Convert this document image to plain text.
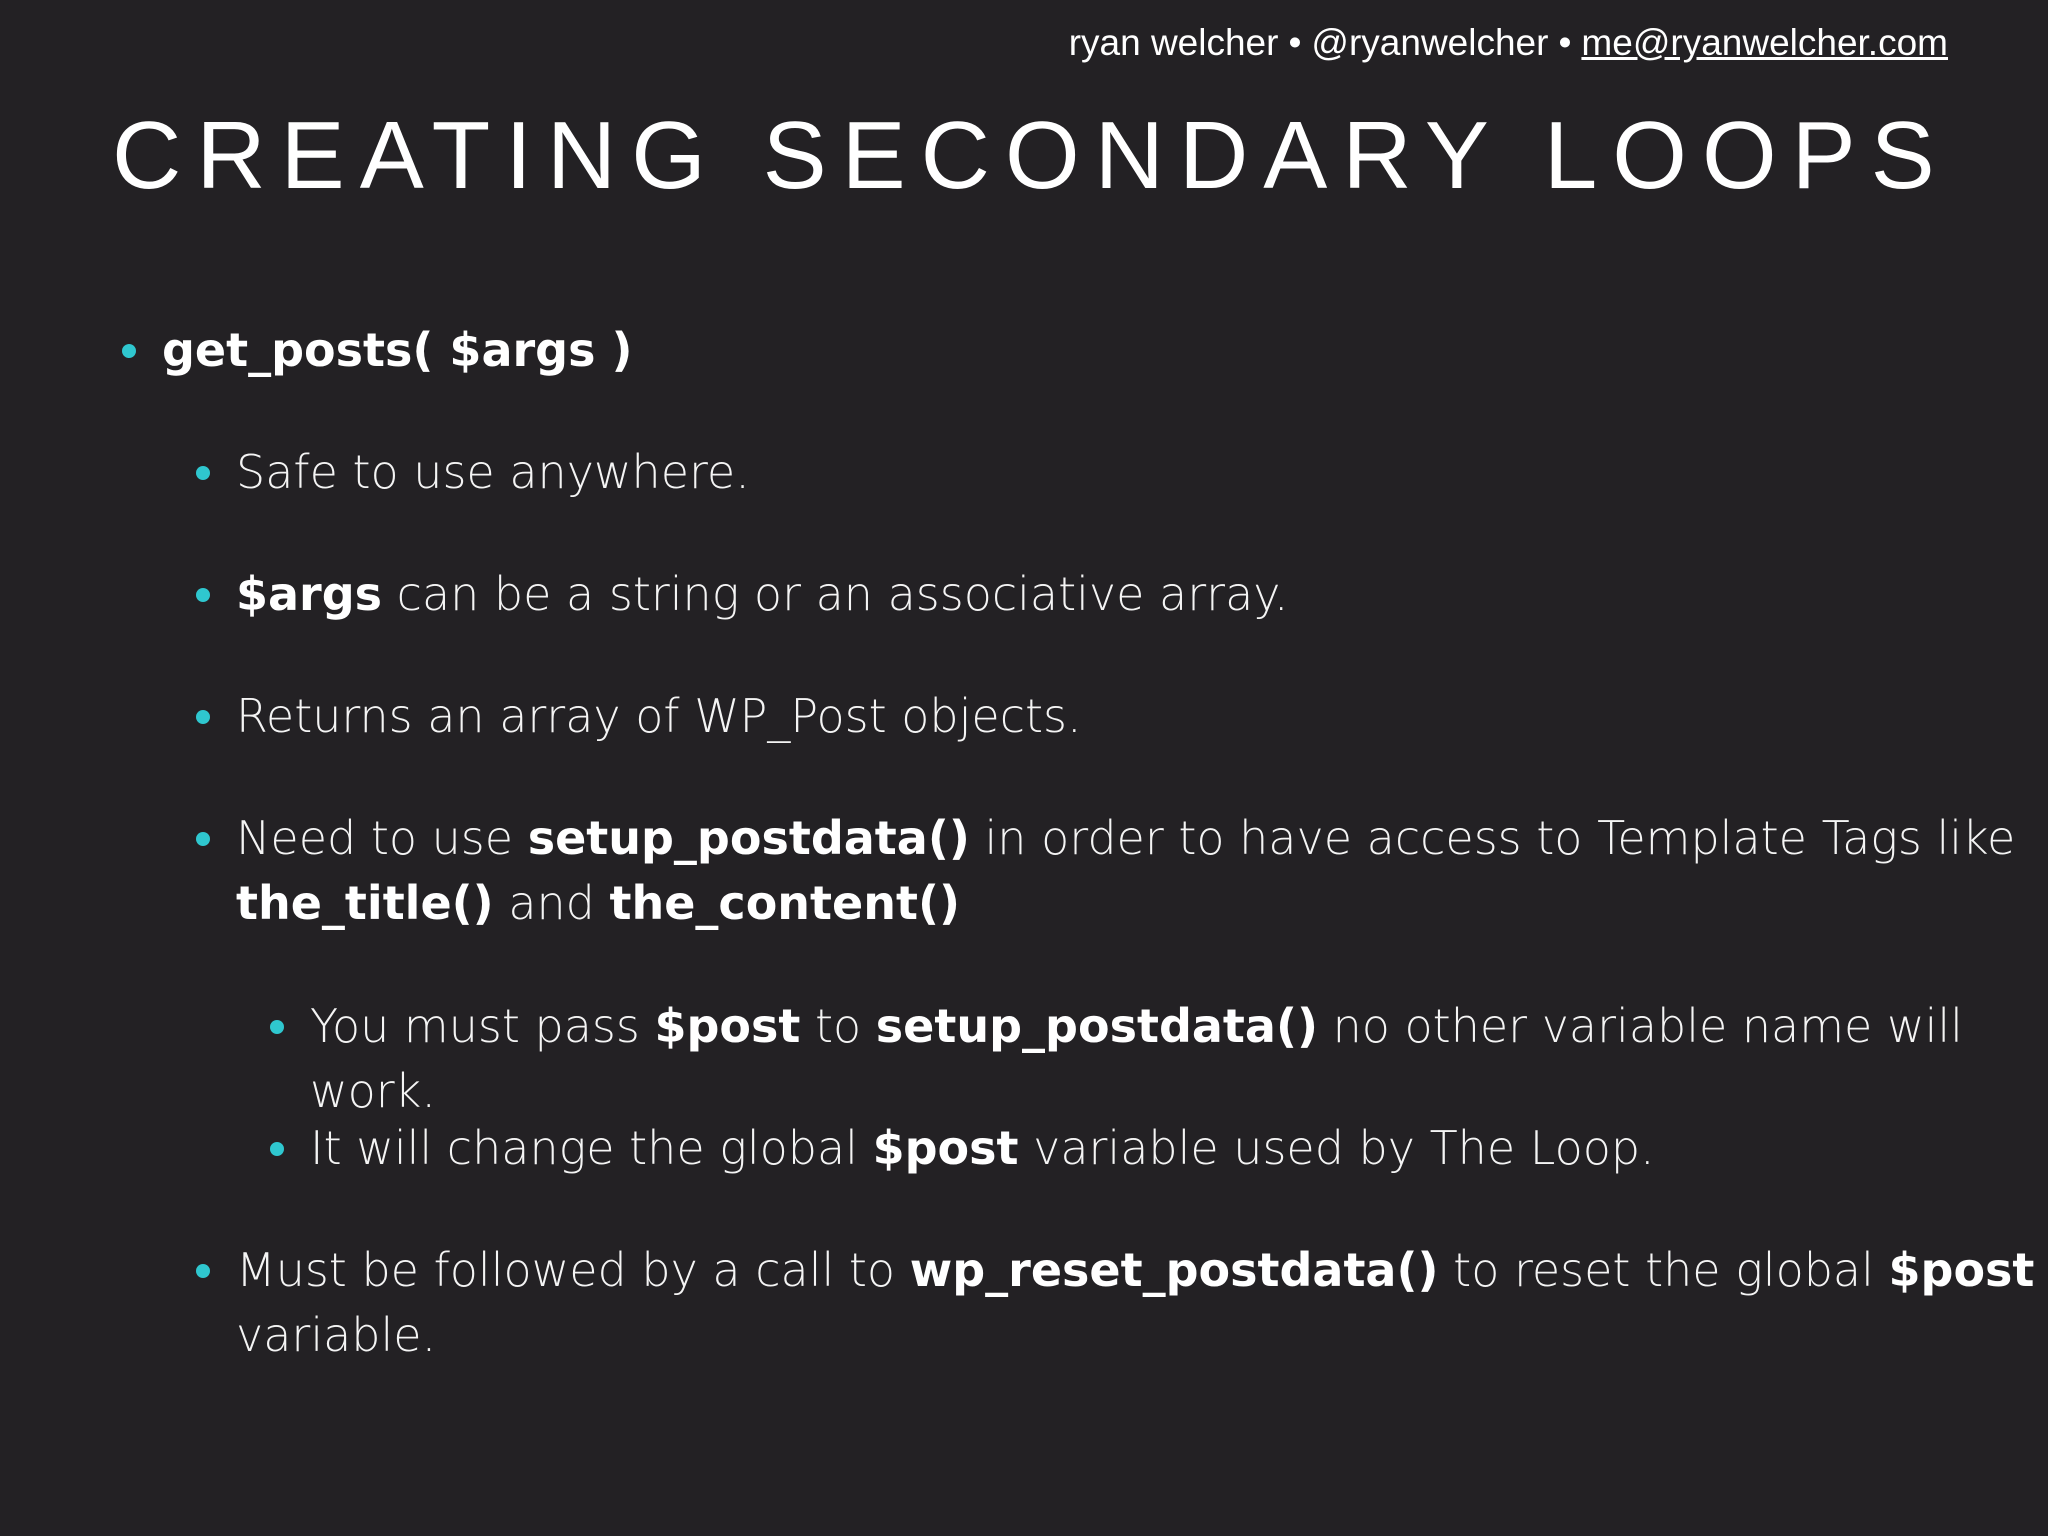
ryan welcher • @ryanwelcher • me@ryanwelcher.com
CREATING SECONDARY LOOPS
get_posts( $args )
Safe to use anywhere.
$args can be a string or an associative array.
Returns an array of WP_Post objects.
Need to use setup_postdata() in order to have access to Template Tags like
the_title() and the_content()
You must pass $post to setup_postdata() no other variable name will work.
It will change the global $post variable used by The Loop.
Must be followed by a call to wp_reset_postdata() to reset the global $post
variable.
